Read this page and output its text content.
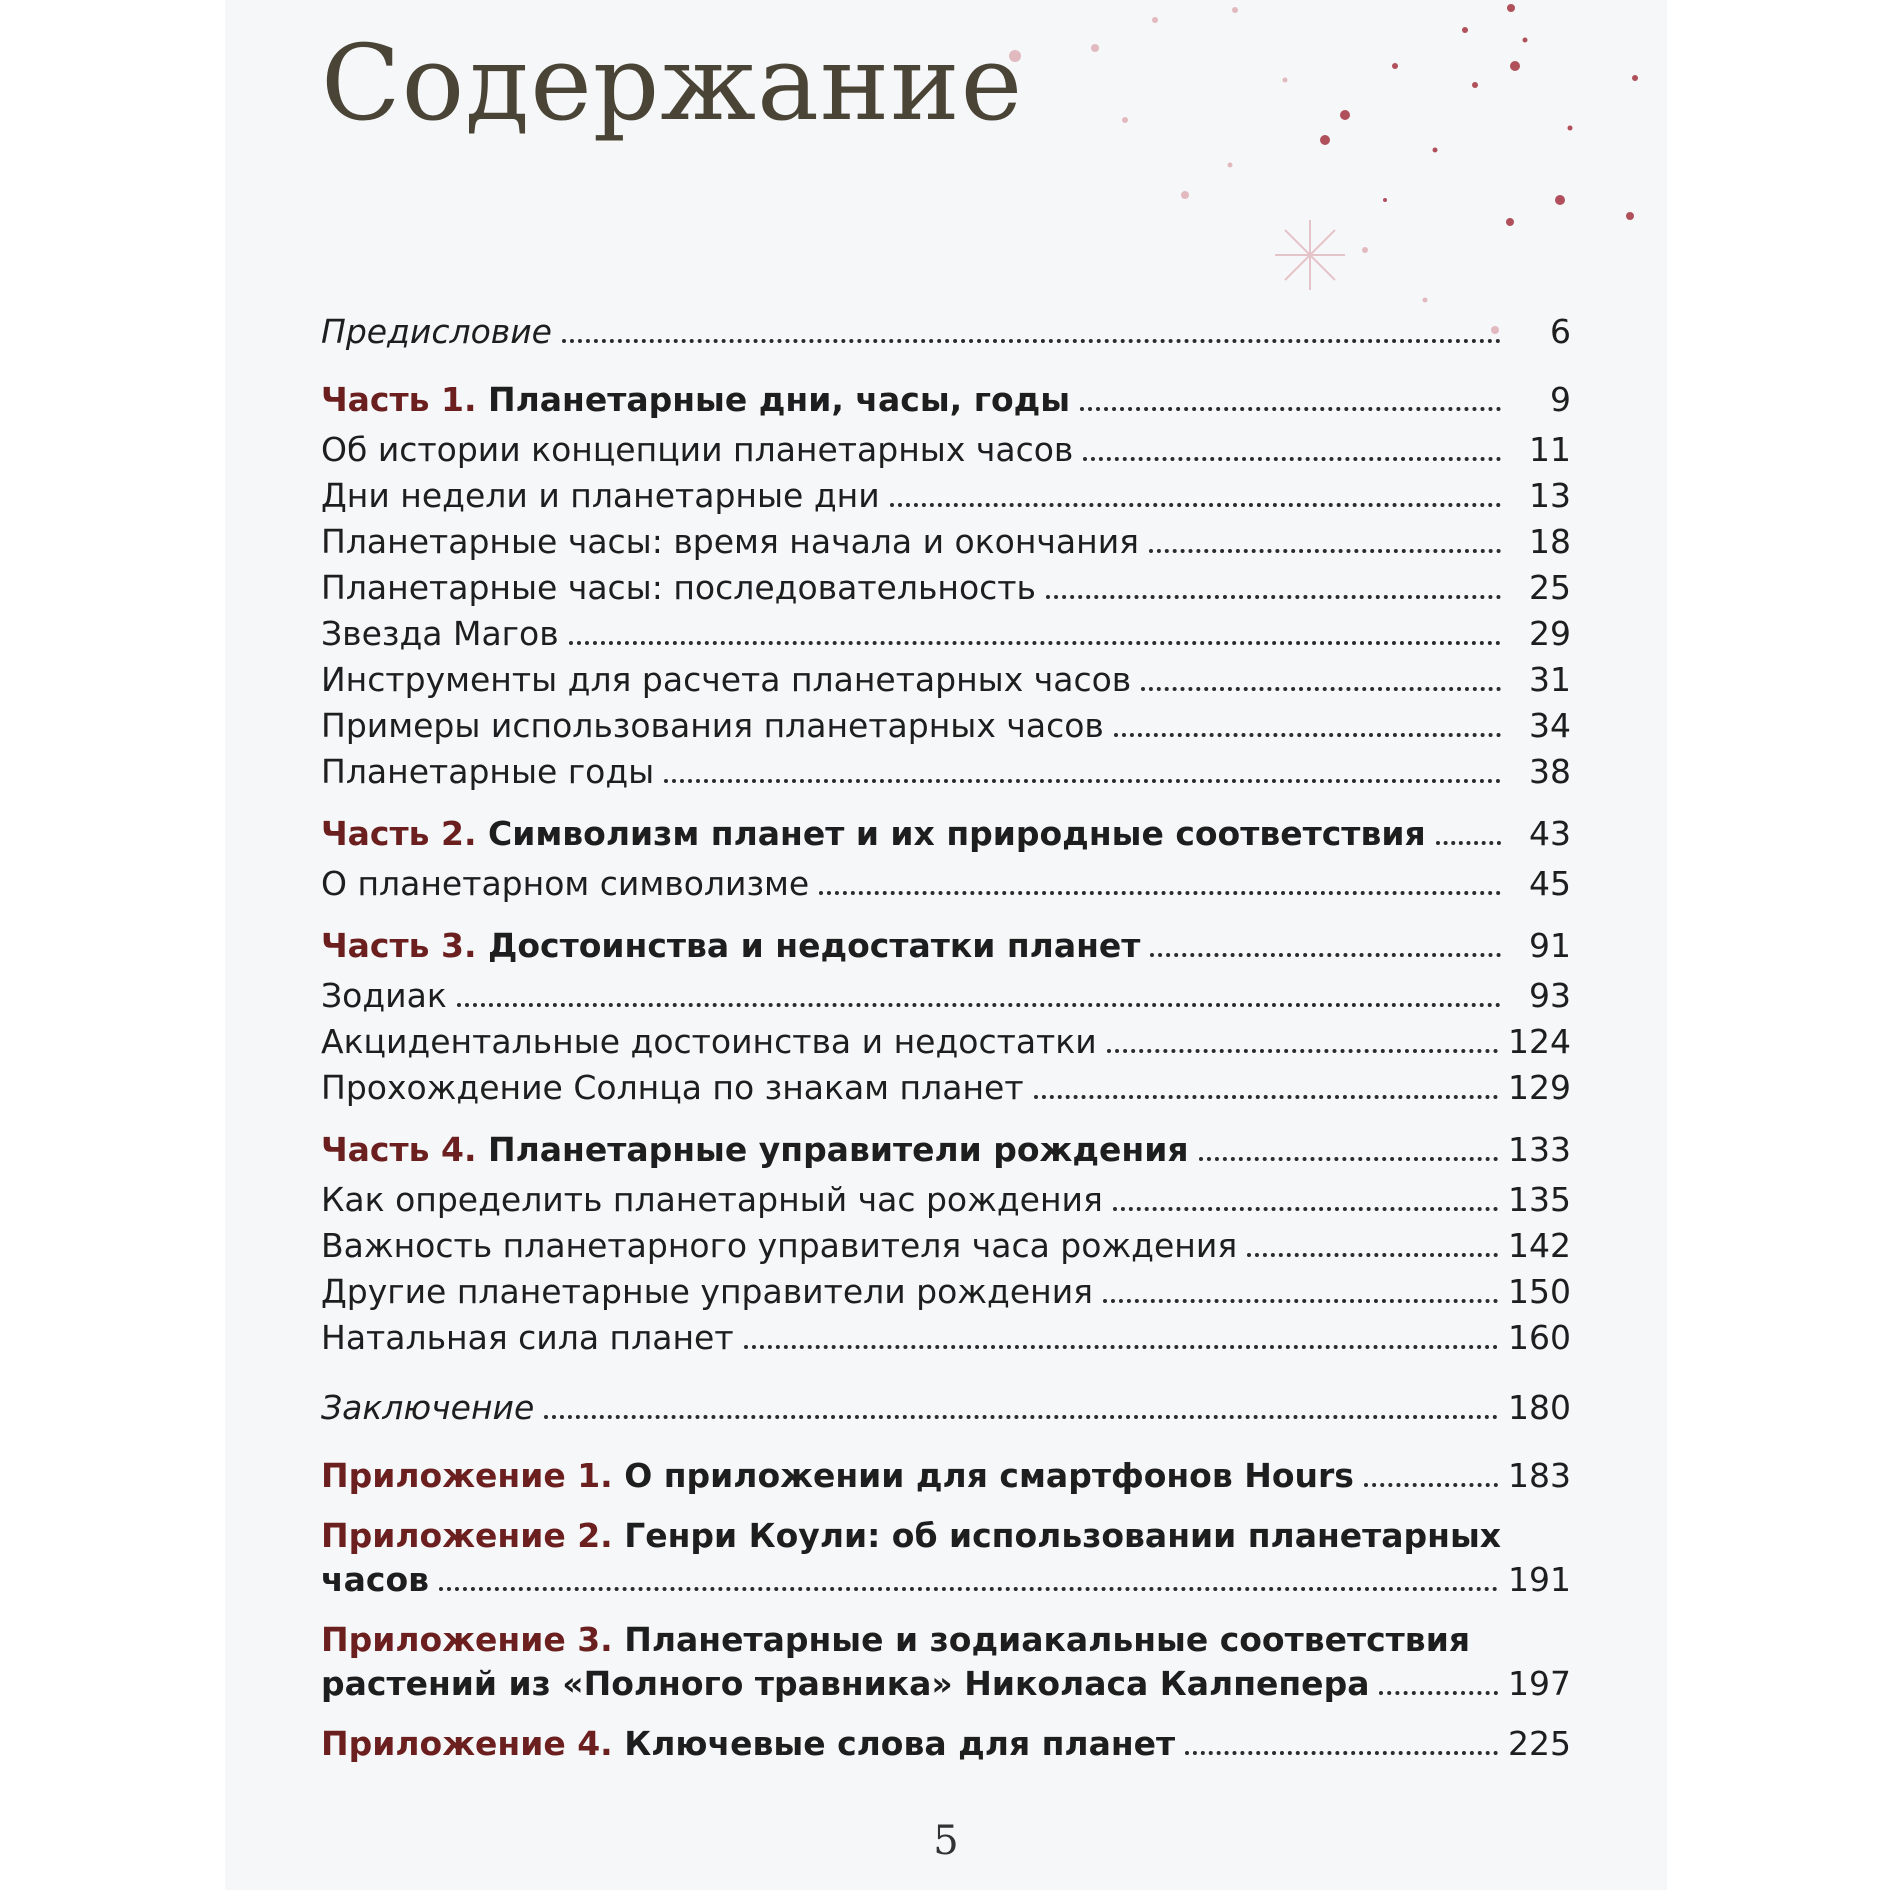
Содержание
Предисловие	6
Часть 1. Планетарные дни, часы, годы	9
Об истории концепции планетарных часов	11
Дни недели и планетарные дни	13
Планетарные часы: время начала и окончания	18
Планетарные часы: последовательность	25
Звезда Магов	29
Инструменты для расчета планетарных часов	31
Примеры использования планетарных часов	34
Планетарные годы	38
Часть 2. Символизм планет и их природные соответствия	43
О планетарном символизме	45
Часть 3. Достоинства и недостатки планет	91
Зодиак	93
Акцидентальные достоинства и недостатки	124
Прохождение Солнца по знакам планет	129
Часть 4. Планетарные управители рождения	133
Как определить планетарный час рождения	135
Важность планетарного управителя часа рождения	142
Другие планетарные управители рождения	150
Натальная сила планет	160
Заключение	180
Приложение 1. О приложении для смартфонов Hours	183
Приложение 2. Генри Коули: об использовании планетарных
часов	191
Приложение 3. Планетарные и зодиакальные соответствия
растений из «Полного травника» Николаса Калпепера	197
Приложение 4. Ключевые слова для планет	225
5
